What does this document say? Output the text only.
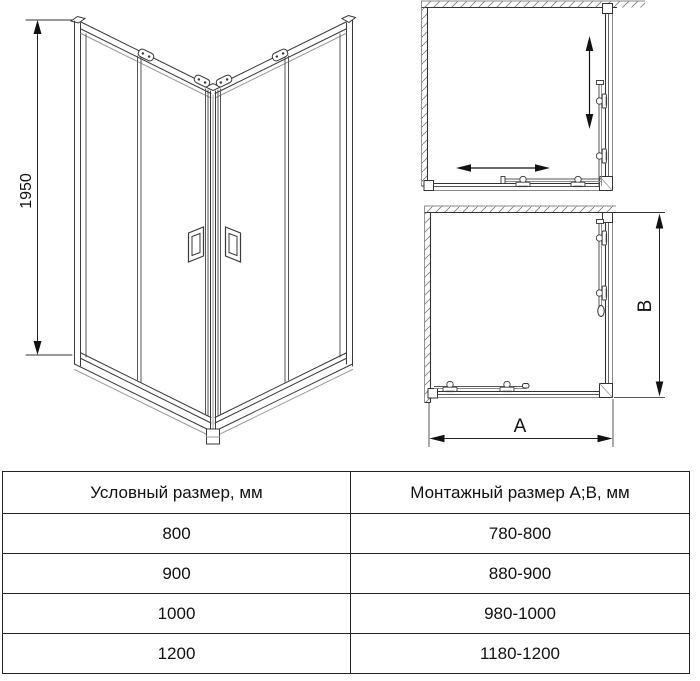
1950
A
B
Условный размер, мм	Монтажный размер А;В, мм
800	780-800
900	880-900
1000	980-1000
1200	1180-1200
